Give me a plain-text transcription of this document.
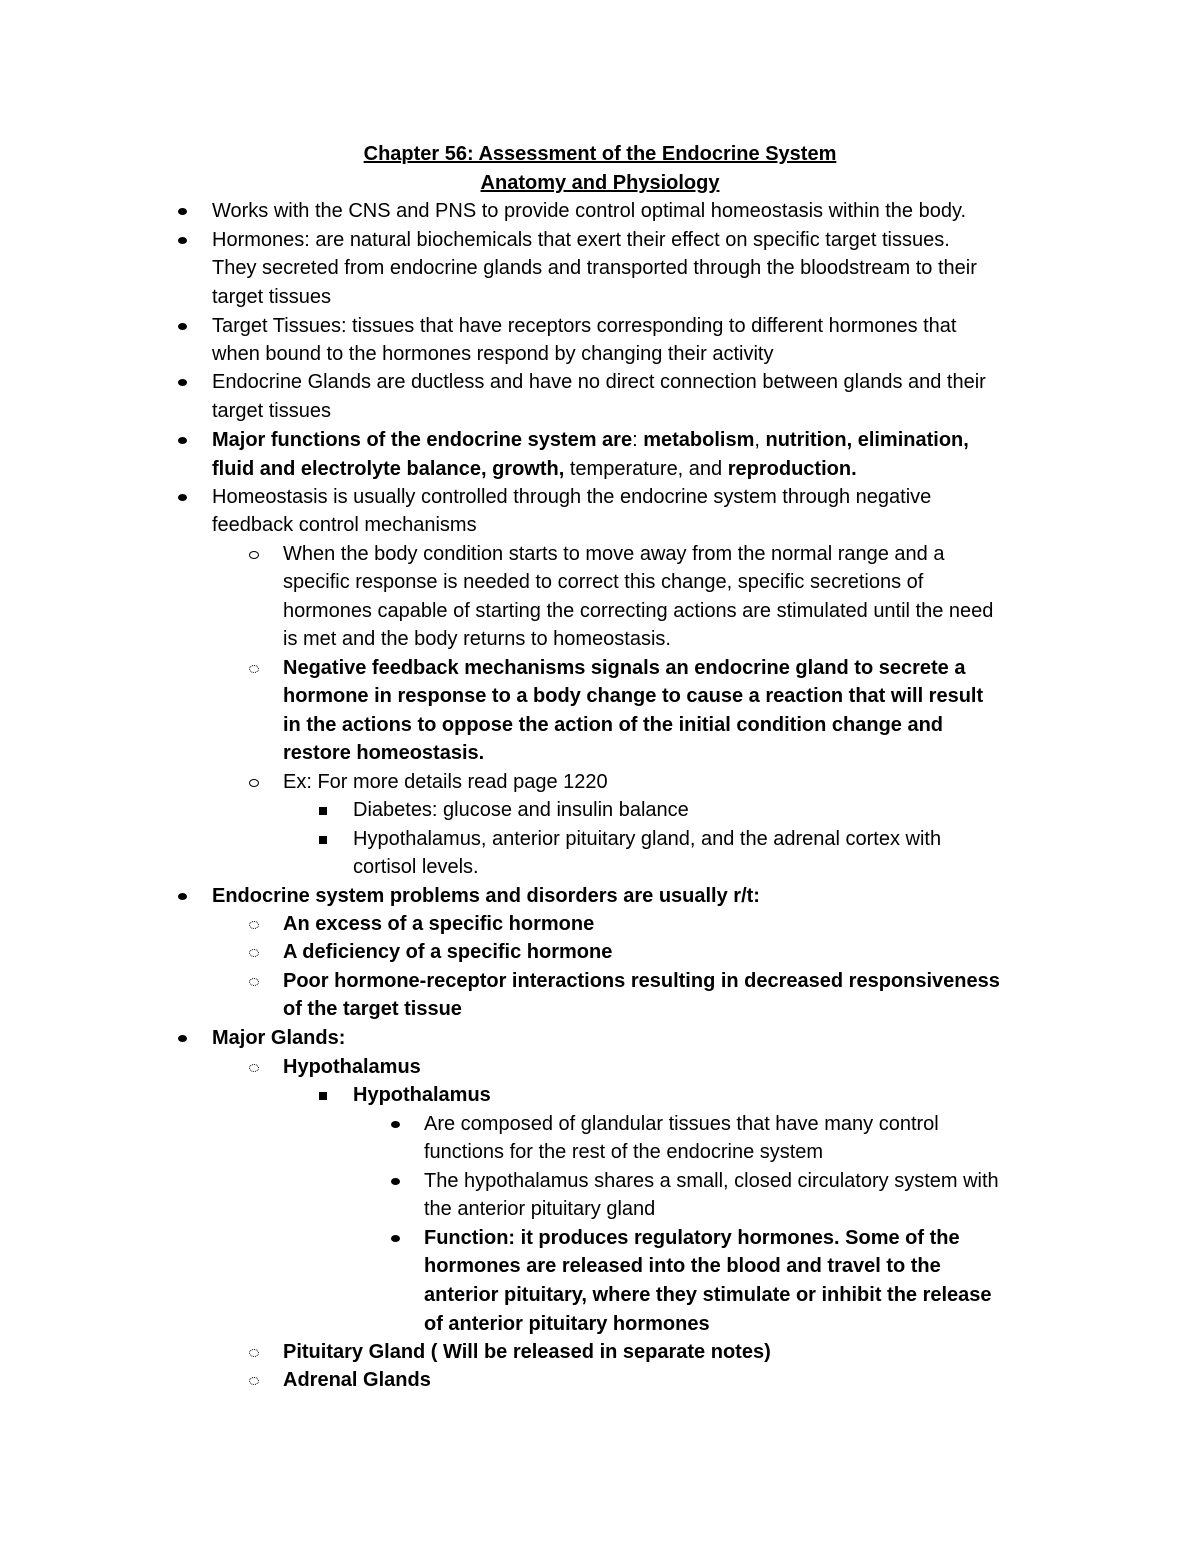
Chapter 56: Assessment of the Endocrine System
Anatomy and Physiology
Works with the CNS and PNS to provide control optimal homeostasis within the body.
Hormones: are natural biochemicals that exert their effect on specific target tissues.
They secreted from endocrine glands and transported through the bloodstream to their
target tissues
Target Tissues: tissues that have receptors corresponding to different hormones that
when bound to the hormones respond by changing their activity
Endocrine Glands are ductless and have no direct connection between glands and their
target tissues
Major functions of the endocrine system are: metabolism, nutrition, elimination,
fluid and electrolyte balance, growth, temperature, and reproduction.
Homeostasis is usually controlled through the endocrine system through negative
feedback control mechanisms
When the body condition starts to move away from the normal range and a
specific response is needed to correct this change, specific secretions of
hormones capable of starting the correcting actions are stimulated until the need
is met and the body returns to homeostasis.
Negative feedback mechanisms signals an endocrine gland to secrete a
hormone in response to a body change to cause a reaction that will result
in the actions to oppose the action of the initial condition change and
restore homeostasis.
Ex: For more details read page 1220
Diabetes: glucose and insulin balance
Hypothalamus, anterior pituitary gland, and the adrenal cortex with
cortisol levels.
Endocrine system problems and disorders are usually r/t:
An excess of a specific hormone
A deficiency of a specific hormone
Poor hormone-receptor interactions resulting in decreased responsiveness
of the target tissue
Major Glands:
Hypothalamus
Hypothalamus
Are composed of glandular tissues that have many control
functions for the rest of the endocrine system
The hypothalamus shares a small, closed circulatory system with
the anterior pituitary gland
Function: it produces regulatory hormones. Some of the
hormones are released into the blood and travel to the
anterior pituitary, where they stimulate or inhibit the release
of anterior pituitary hormones
Pituitary Gland ( Will be released in separate notes)
Adrenal Glands
